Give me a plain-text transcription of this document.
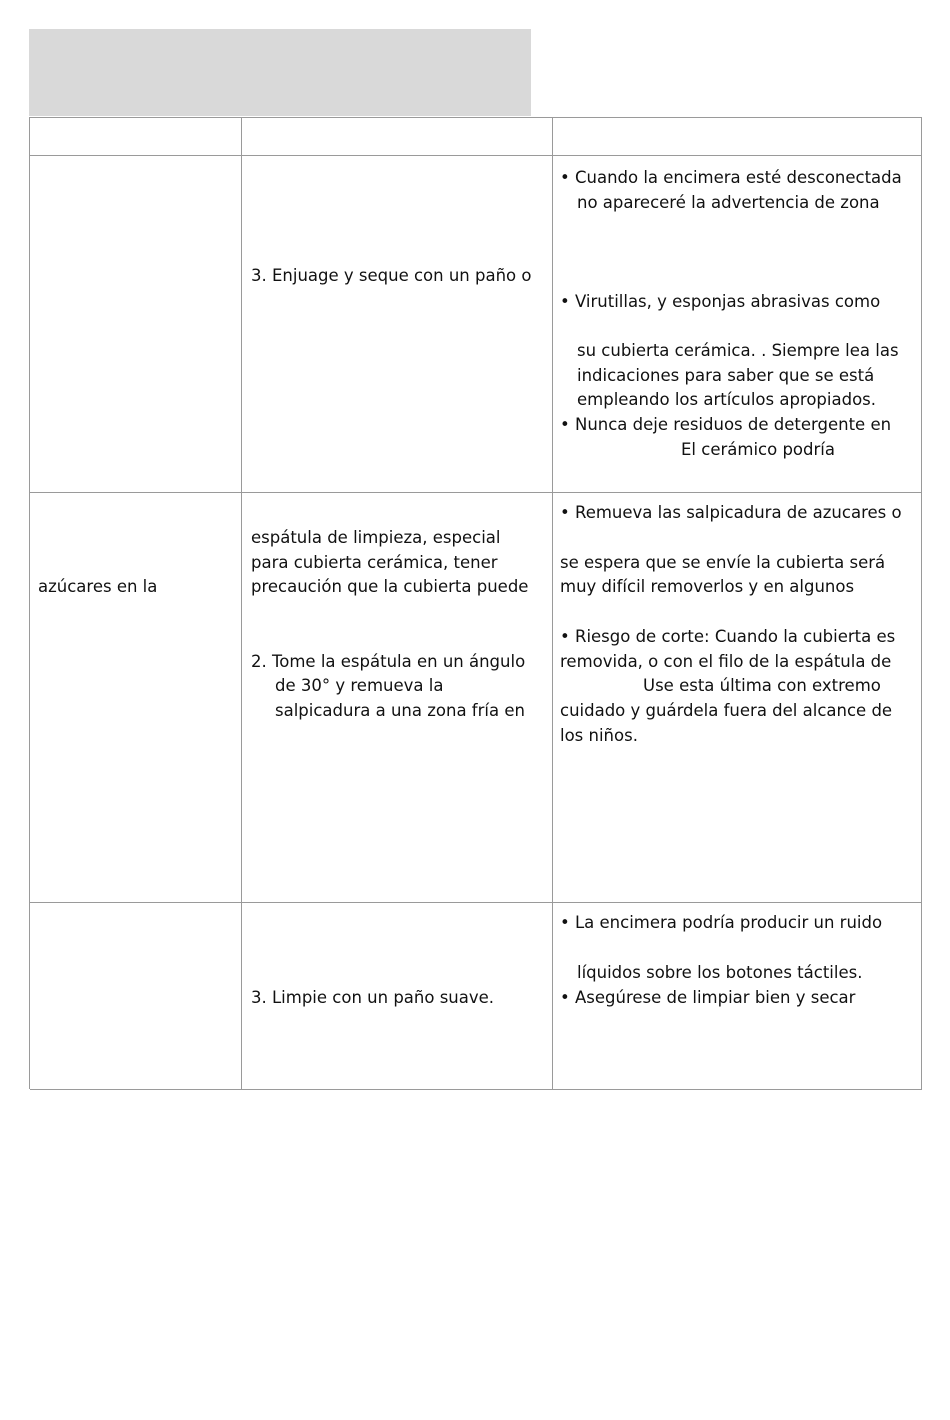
3. Enjuage y seque con un paño o
• Cuando la encimera esté desconectada
no apareceré la advertencia de zona
• Virutillas, y esponjas abrasivas como
su cubierta cerámica. . Siempre lea las
indicaciones para saber que se está
empleando los artículos apropiados.
• Nunca deje residuos de detergente en
El cerámico podría
azúcares en la
espátula de limpieza, especial
para cubierta cerámica, tener
precaución que la cubierta puede
2. Tome la espátula en un ángulo
de 30° y remueva la
salpicadura a una zona fría en
• Remueva las salpicadura de azucares o
se espera que se envíe la cubierta será
muy difícil removerlos y en algunos
• Riesgo de corte: Cuando la cubierta es
removida, o con el filo de la espátula de
Use esta última con extremo
cuidado y guárdela fuera del alcance de
los niños.
3. Limpie con un paño suave.
• La encimera podría producir un ruido
líquidos sobre los botones táctiles.
• Asegúrese de limpiar bien y secar
